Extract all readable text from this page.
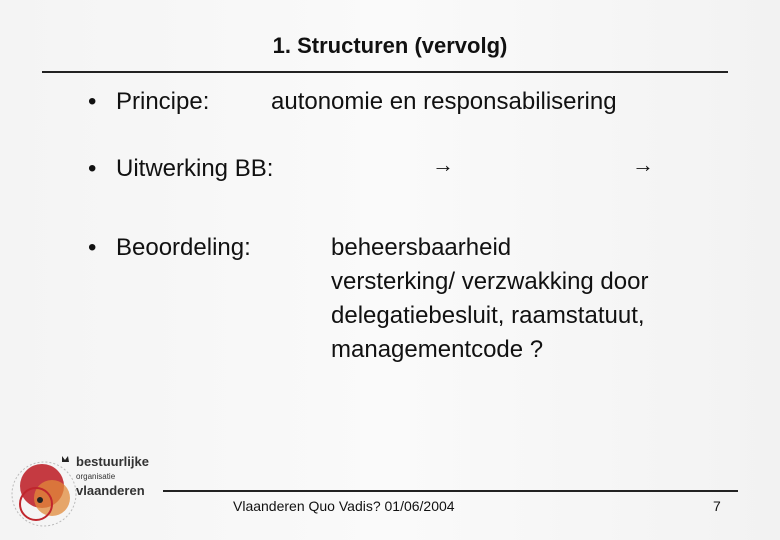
1. Structuren (vervolg)
• Principe:	autonomie en responsabilisering
• Uitwerking BB:	→	→
• Beoordeling:	beheersbaarheid
versterking/ verzwakking door
delegatiebesluit, raamstatuut,
managementcode ?
bestuurlijke
organisatie
vlaanderen
Vlaanderen Quo Vadis? 01/06/2004	7
